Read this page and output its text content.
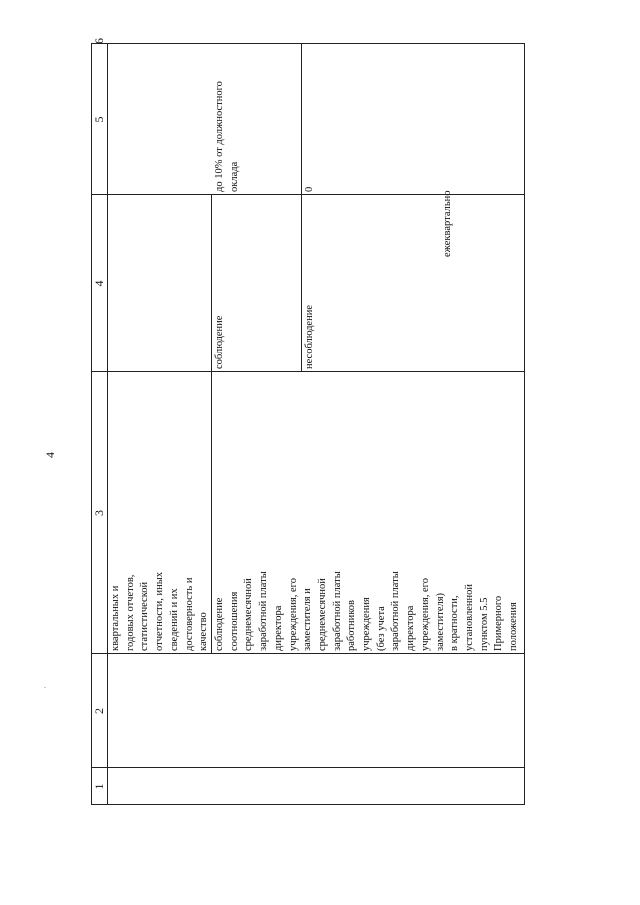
4
1
2
3
4
5
6
квартальных и годовых отчетов, статистической отчетности, иных сведений и их достоверность и качество соблюдение соотношения среднемесячной заработной платы директора учреждения, его заместителя и среднемесячной заработной платы работников учреждения (без учета заработной платы директора учреждения, его заместителя) в кратности, установленной пунктом 5.5 Примерного положения
соблюдение
до 10% от должностного оклада
несоблюдение
0
ежеквартально
